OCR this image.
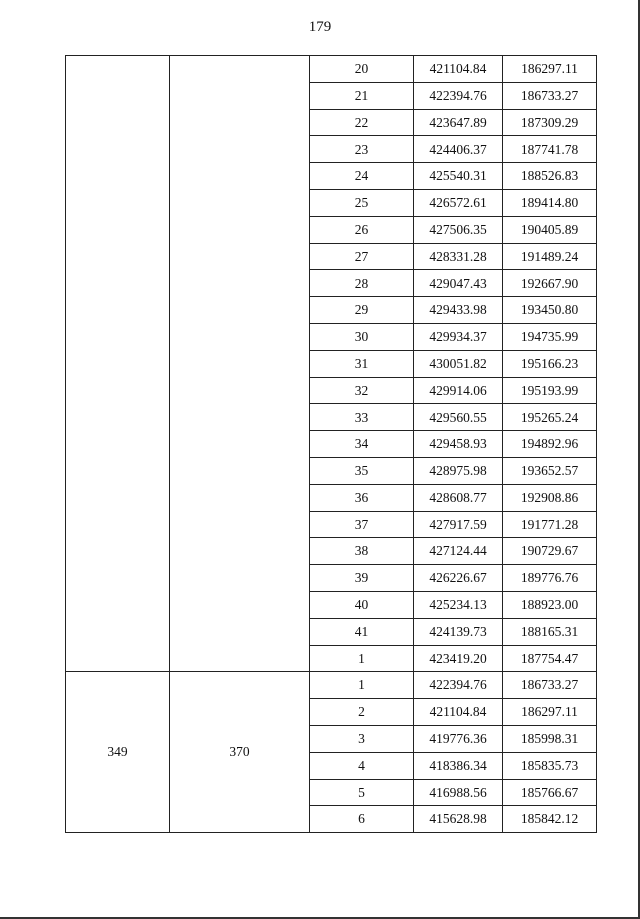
179
		20	421104.84	186297.11
		21	422394.76	186733.27
		22	423647.89	187309.29
		23	424406.37	187741.78
		24	425540.31	188526.83
		25	426572.61	189414.80
		26	427506.35	190405.89
		27	428331.28	191489.24
		28	429047.43	192667.90
		29	429433.98	193450.80
		30	429934.37	194735.99
		31	430051.82	195166.23
		32	429914.06	195193.99
		33	429560.55	195265.24
		34	429458.93	194892.96
		35	428975.98	193652.57
		36	428608.77	192908.86
		37	427917.59	191771.28
		38	427124.44	190729.67
		39	426226.67	189776.76
		40	425234.13	188923.00
		41	424139.73	188165.31
		1	423419.20	187754.47
349	370	1	422394.76	186733.27
		2	421104.84	186297.11
		3	419776.36	185998.31
		4	418386.34	185835.73
		5	416988.56	185766.67
		6	415628.98	185842.12
